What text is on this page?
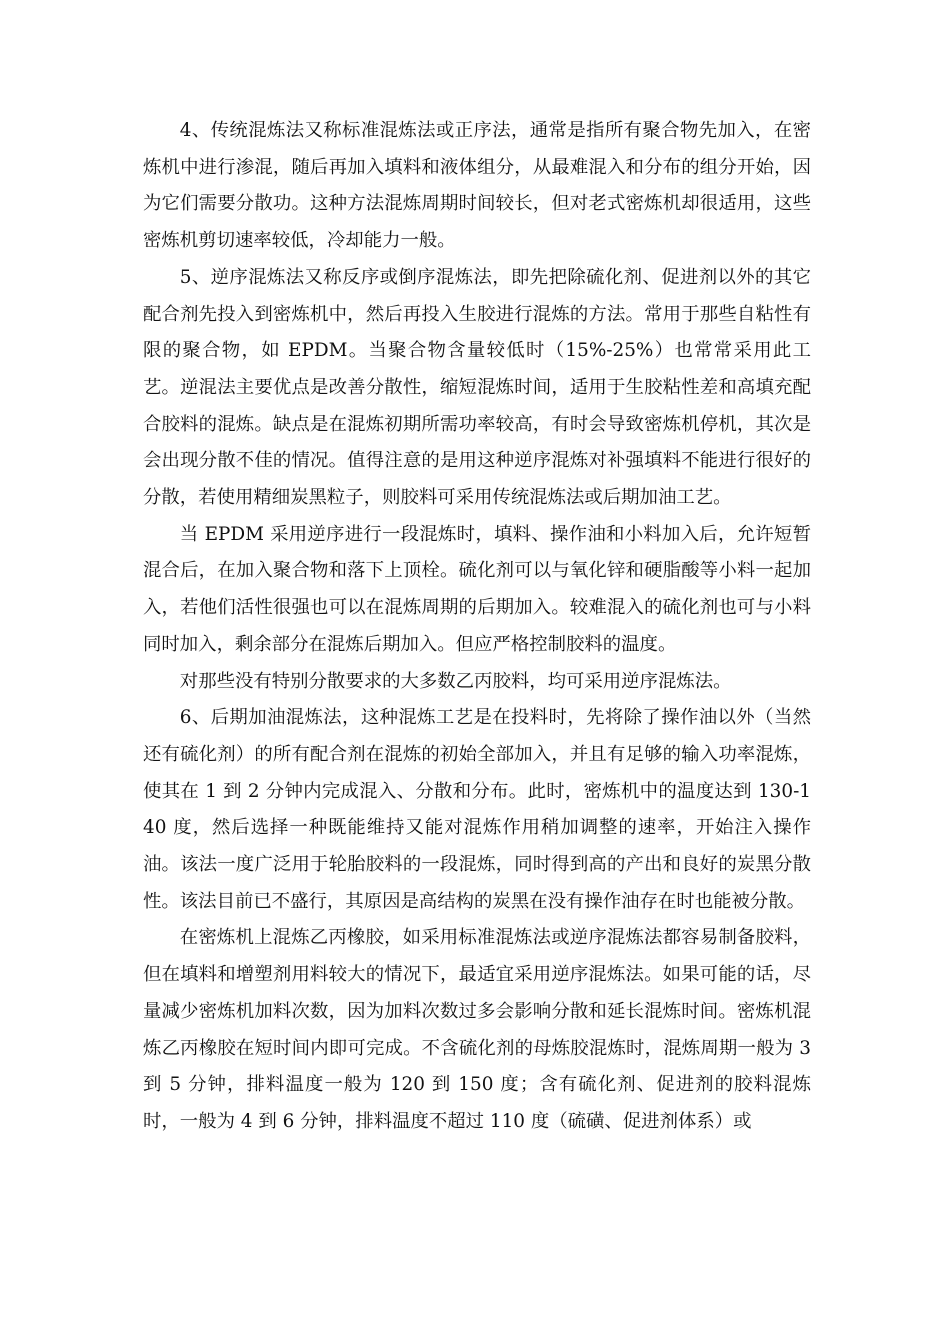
4、传统混炼法又称标准混炼法或正序法，通常是指所有聚合物先加入，在密炼机中进行渗混，随后再加入填料和液体组分，从最难混入和分布的组分开始，因为它们需要分散功。这种方法混炼周期时间较长，但对老式密炼机却很适用，这些密炼机剪切速率较低，冷却能力一般。

5、逆序混炼法又称反序或倒序混炼法，即先把除硫化剂、促进剂以外的其它配合剂先投入到密炼机中，然后再投入生胶进行混炼的方法。常用于那些自粘性有限的聚合物，如 EPDM。当聚合物含量较低时（15%-25%）也常常采用此工艺。逆混法主要优点是改善分散性，缩短混炼时间，适用于生胶粘性差和高填充配合胶料的混炼。缺点是在混炼初期所需功率较高，有时会导致密炼机停机，其次是会出现分散不佳的情况。值得注意的是用这种逆序混炼对补强填料不能进行很好的分散，若使用精细炭黑粒子，则胶料可采用传统混炼法或后期加油工艺。

当 EPDM 采用逆序进行一段混炼时，填料、操作油和小料加入后，允许短暂混合后，在加入聚合物和落下上顶栓。硫化剂可以与氧化锌和硬脂酸等小料一起加入，若他们活性很强也可以在混炼周期的后期加入。较难混入的硫化剂也可与小料同时加入，剩余部分在混炼后期加入。但应严格控制胶料的温度。

对那些没有特别分散要求的大多数乙丙胶料，均可采用逆序混炼法。

6、后期加油混炼法，这种混炼工艺是在投料时，先将除了操作油以外（当然还有硫化剂）的所有配合剂在混炼的初始全部加入，并且有足够的输入功率混炼，使其在 1 到 2 分钟内完成混入、分散和分布。此时，密炼机中的温度达到 130-140 度，然后选择一种既能维持又能对混炼作用稍加调整的速率，开始注入操作油。该法一度广泛用于轮胎胶料的一段混炼，同时得到高的产出和良好的炭黑分散性。该法目前已不盛行，其原因是高结构的炭黑在没有操作油存在时也能被分散。

在密炼机上混炼乙丙橡胶，如采用标准混炼法或逆序混炼法都容易制备胶料，但在填料和增塑剂用料较大的情况下，最适宜采用逆序混炼法。如果可能的话，尽量减少密炼机加料次数，因为加料次数过多会影响分散和延长混炼时间。密炼机混炼乙丙橡胶在短时间内即可完成。不含硫化剂的母炼胶混炼时，混炼周期一般为 3 到 5 分钟，排料温度一般为 120 到 150 度；含有硫化剂、促进剂的胶料混炼时，一般为 4 到 6 分钟，排料温度不超过 110 度（硫磺、促进剂体系）或
